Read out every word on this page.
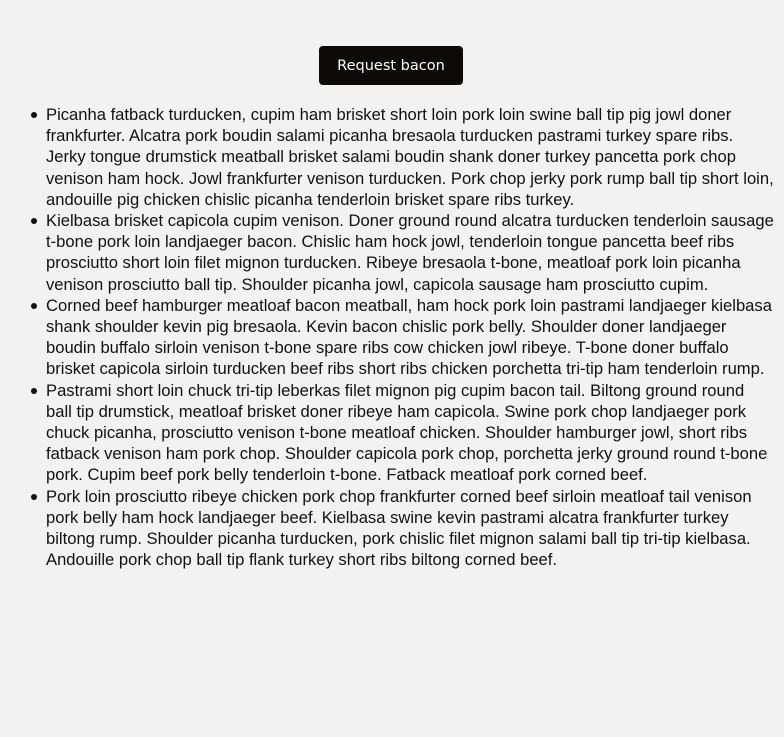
Request bacon
Picanha fatback turducken, cupim ham brisket short loin pork loin swine ball tip pig jowl doner frankfurter. Alcatra pork boudin salami picanha bresaola turducken pastrami turkey spare ribs. Jerky tongue drumstick meatball brisket salami boudin shank doner turkey pancetta pork chop venison ham hock. Jowl frankfurter venison turducken. Pork chop jerky pork rump ball tip short loin, andouille pig chicken chislic picanha tenderloin brisket spare ribs turkey.
Kielbasa brisket capicola cupim venison. Doner ground round alcatra turducken tenderloin sausage t-bone pork loin landjaeger bacon. Chislic ham hock jowl, tenderloin tongue pancetta beef ribs prosciutto short loin filet mignon turducken. Ribeye bresaola t-bone, meatloaf pork loin picanha venison prosciutto ball tip. Shoulder picanha jowl, capicola sausage ham prosciutto cupim.
Corned beef hamburger meatloaf bacon meatball, ham hock pork loin pastrami landjaeger kielbasa shank shoulder kevin pig bresaola. Kevin bacon chislic pork belly. Shoulder doner landjaeger boudin buffalo sirloin venison t-bone spare ribs cow chicken jowl ribeye. T-bone doner buffalo brisket capicola sirloin turducken beef ribs short ribs chicken porchetta tri-tip ham tenderloin rump.
Pastrami short loin chuck tri-tip leberkas filet mignon pig cupim bacon tail. Biltong ground round ball tip drumstick, meatloaf brisket doner ribeye ham capicola. Swine pork chop landjaeger pork chuck picanha, prosciutto venison t-bone meatloaf chicken. Shoulder hamburger jowl, short ribs fatback venison ham pork chop. Shoulder capicola pork chop, porchetta jerky ground round t-bone pork. Cupim beef pork belly tenderloin t-bone. Fatback meatloaf pork corned beef.
Pork loin prosciutto ribeye chicken pork chop frankfurter corned beef sirloin meatloaf tail venison pork belly ham hock landjaeger beef. Kielbasa swine kevin pastrami alcatra frankfurter turkey biltong rump. Shoulder picanha turducken, pork chislic filet mignon salami ball tip tri-tip kielbasa. Andouille pork chop ball tip flank turkey short ribs biltong corned beef.
